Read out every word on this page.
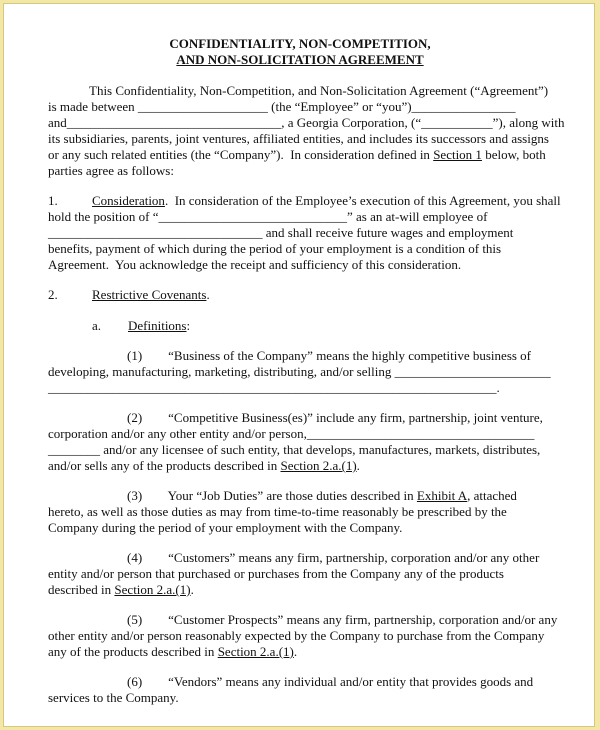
CONFIDENTIALITY, NON-COMPETITION,
AND NON-SOLICITATION AGREEMENT
This Confidentiality, Non-Competition, and Non-Solicitation Agreement (“Agreement”)
is made between ____________________ (the “Employee” or “you”)________________
and_________________________________, a Georgia Corporation, (“___________”), along with
its subsidiaries, parents, joint ventures, affiliated entities, and includes its successors and assigns
or any such related entities (the “Company”).  In consideration defined in Section 1 below, both
parties agree as follows:
1.	Consideration.  In consideration of the Employee’s execution of this Agreement, you shall
hold the position of “_____________________________” as an at-will employee of
_________________________________ and shall receive future wages and employment
benefits, payment of which during the period of your employment is a condition of this
Agreement.  You acknowledge the receipt and sufficiency of this consideration.
2.	Restrictive Covenants.
a. Definitions:
(1)        “Business of the Company” means the highly competitive business of
developing, manufacturing, marketing, distributing, and/or selling ________________________
_____________________________________________________________________.
(2)        “Competitive Business(es)” include any firm, partnership, joint venture,
corporation and/or any other entity and/or person,___________________________________
________ and/or any licensee of such entity, that develops, manufactures, markets, distributes,
and/or sells any of the products described in Section 2.a.(1).
(3)        Your “Job Duties” are those duties described in Exhibit A, attached
hereto, as well as those duties as may from time-to-time reasonably be prescribed by the
Company during the period of your employment with the Company.
(4)        “Customers” means any firm, partnership, corporation and/or any other
entity and/or person that purchased or purchases from the Company any of the products
described in Section 2.a.(1).
(5)        “Customer Prospects” means any firm, partnership, corporation and/or any
other entity and/or person reasonably expected by the Company to purchase from the Company
any of the products described in Section 2.a.(1).
(6)        “Vendors” means any individual and/or entity that provides goods and
services to the Company.
